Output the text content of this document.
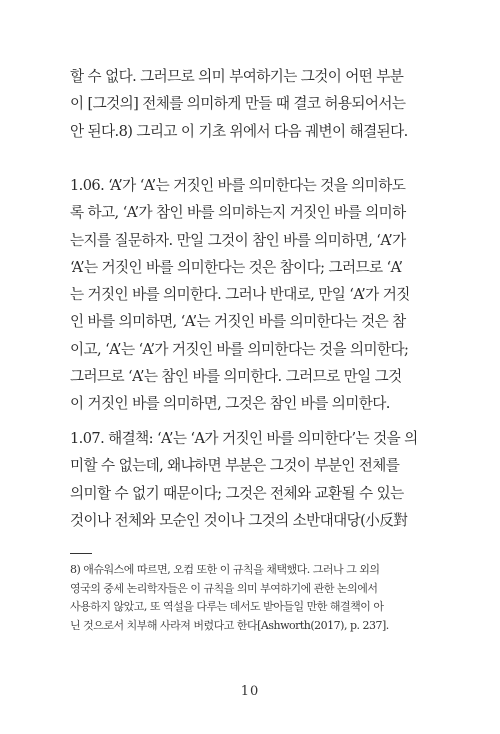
할 수 없다. 그러므로 의미 부여하기는 그것이 어떤 부분
이 [그것의] 전체를 의미하게 만들 때 결코 허용되어서는
안 된다.8) 그리고 이 기초 위에서 다음 궤변이 해결된다.
1.06. ‘A’가 ‘A’는 거짓인 바를 의미한다는 것을 의미하도
록 하고, ‘A’가 참인 바를 의미하는지 거짓인 바를 의미하
는지를 질문하자. 만일 그것이 참인 바를 의미하면, ‘A’가
‘A’는 거짓인 바를 의미한다는 것은 참이다; 그러므로 ‘A’
는 거짓인 바를 의미한다. 그러나 반대로, 만일 ‘A’가 거짓
인 바를 의미하면, ‘A’는 거짓인 바를 의미한다는 것은 참
이고, ‘A’는 ‘A’가 거짓인 바를 의미한다는 것을 의미한다;
그러므로 ‘A’는 참인 바를 의미한다. 그러므로 만일 그것
이 거짓인 바를 의미하면, 그것은 참인 바를 의미한다.
1.07. 해결책: ‘A’는 ‘A가 거짓인 바를 의미한다’는 것을 의
미할 수 없는데, 왜냐하면 부분은 그것이 부분인 전체를
의미할 수 없기 때문이다; 그것은 전체와 교환될 수 있는
것이나 전체와 모순인 것이나 그것의 소반대대당(小反對
8) 애슈워스에 따르면, 오컴 또한 이 규칙을 채택했다. 그러나 그 외의
영국의 중세 논리학자들은 이 규칙을 의미 부여하기에 관한 논의에서
사용하지 않았고, 또 역설을 다루는 데서도 받아들일 만한 해결책이 아
닌 것으로서 치부해 사라져 버렸다고 한다[Ashworth(2017), p. 237].
10
